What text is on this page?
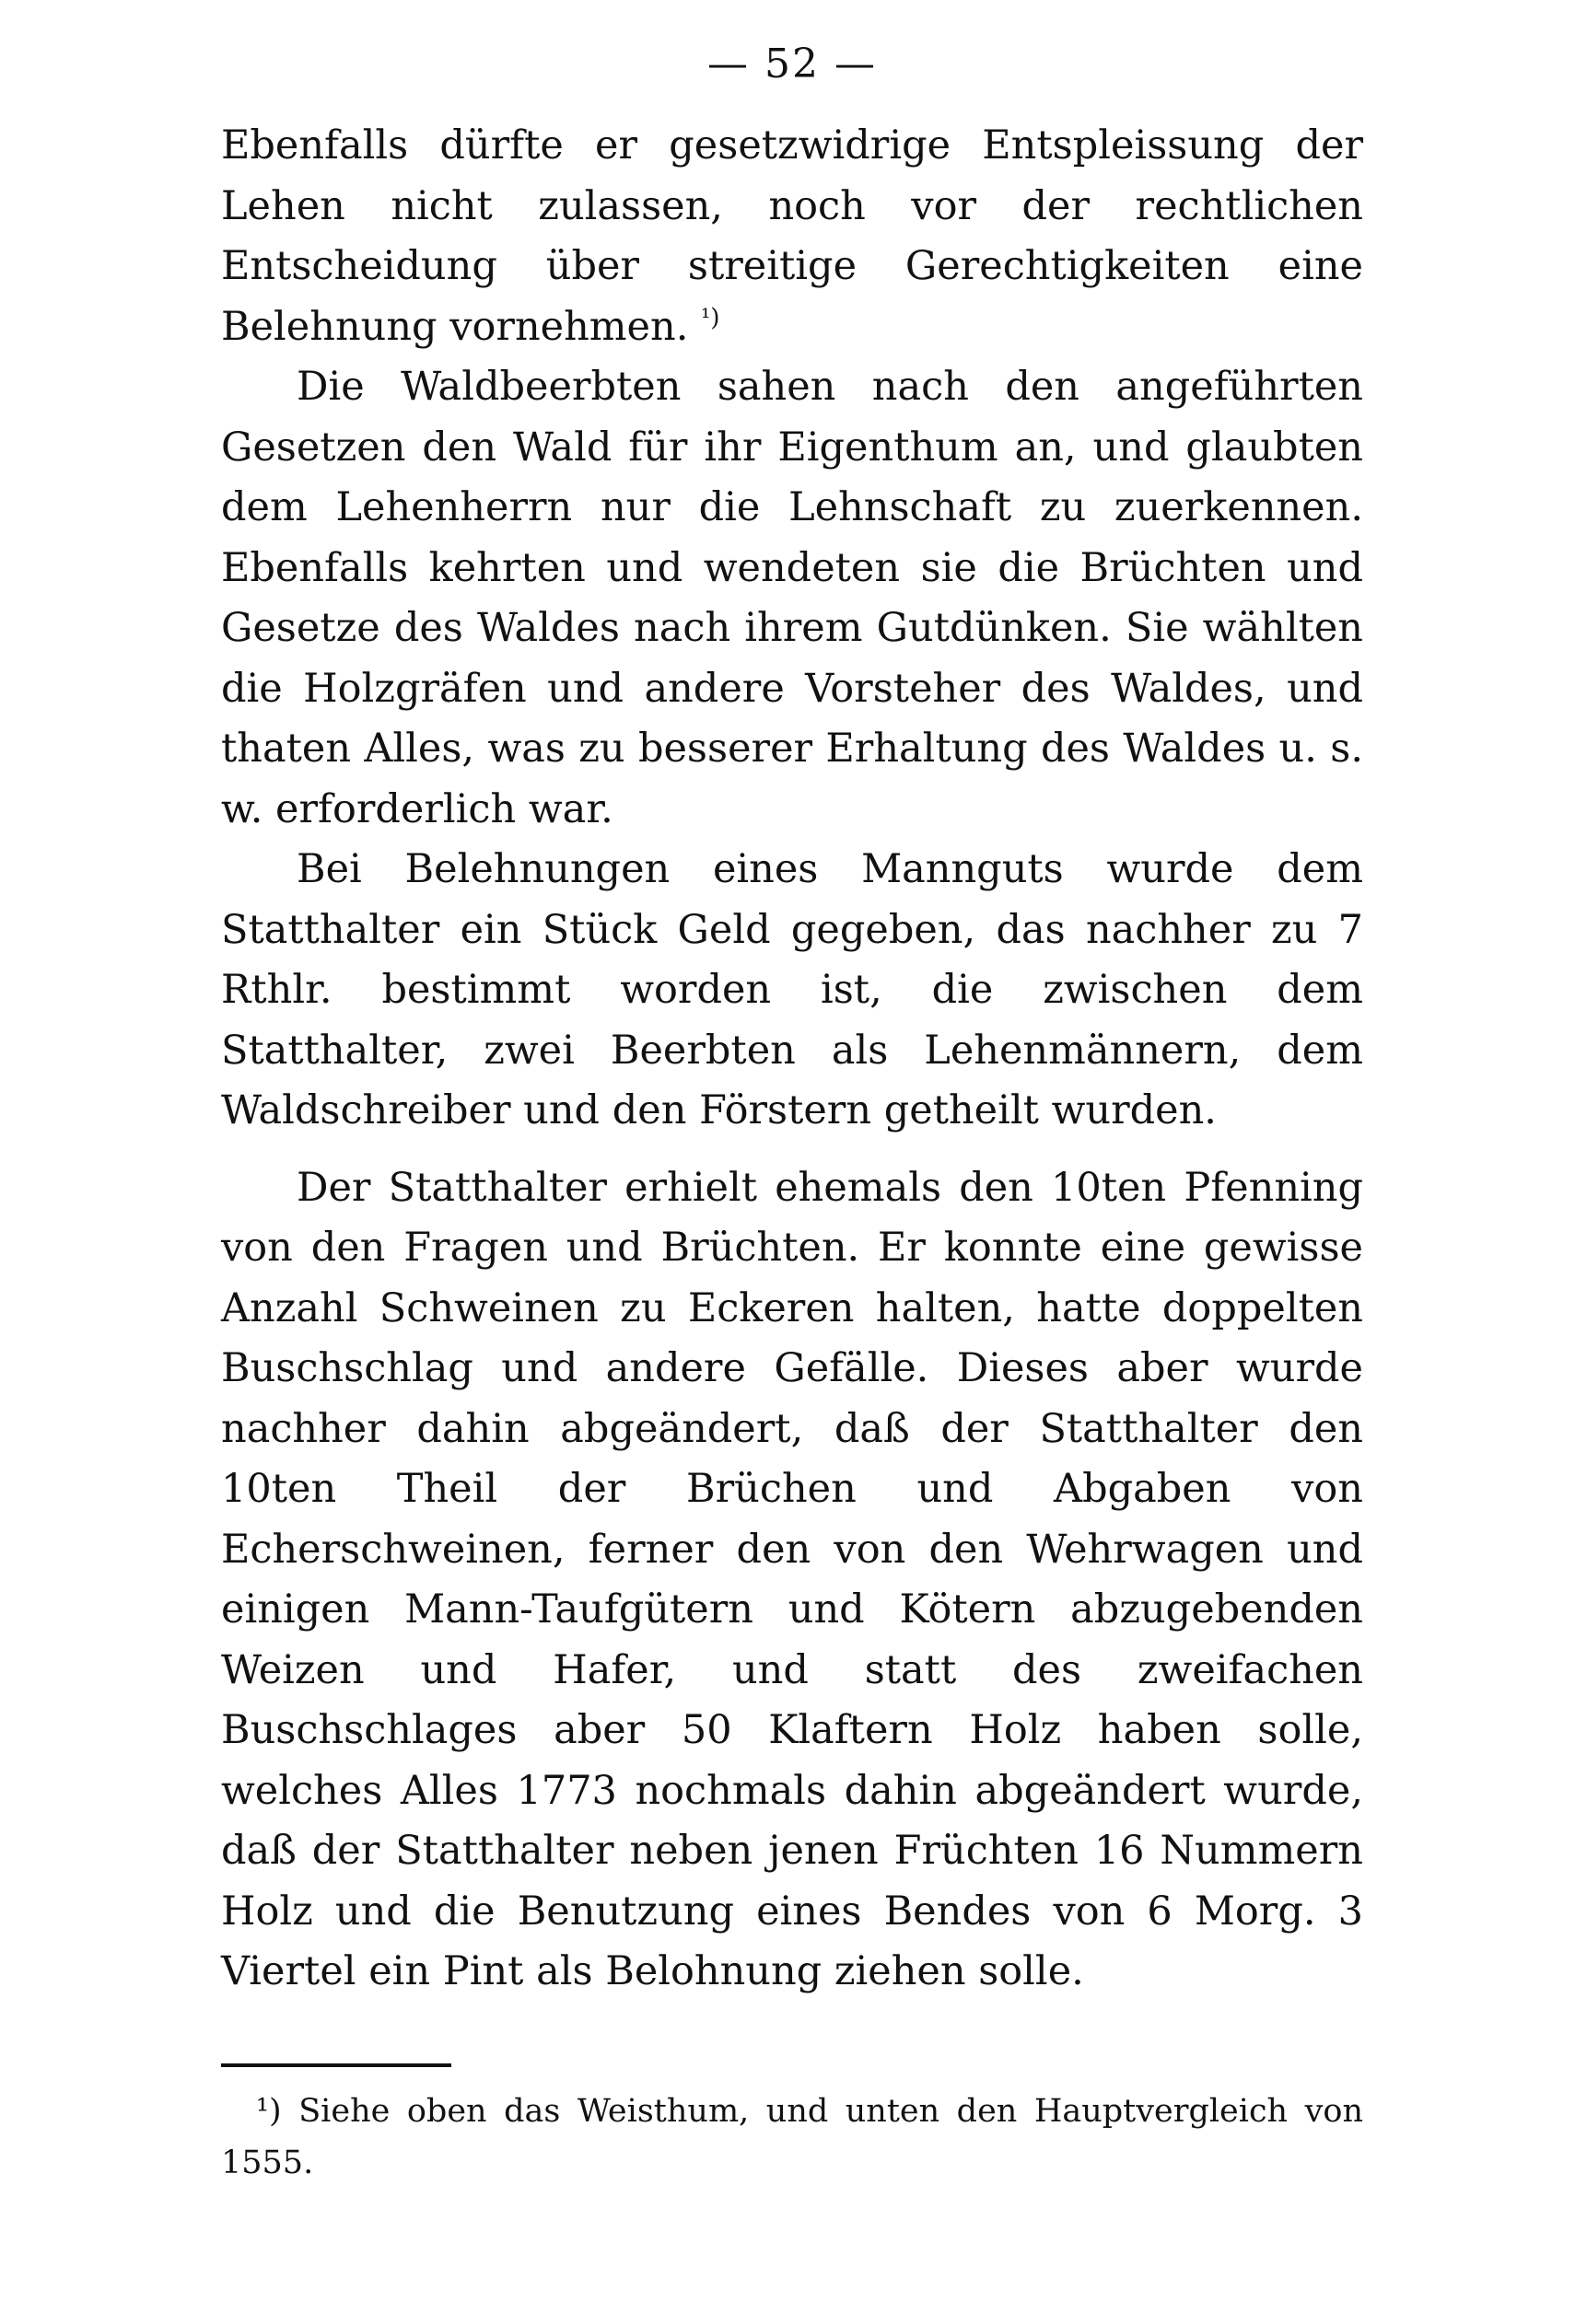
— 52 —

Ebenfalls dürfte er gesetzwidrige Entspleissung der Lehen nicht zulassen, noch vor der rechtlichen Entscheidung über streitige Gerechtigkeiten eine Belehnung vornehmen. $^{^1)}$

Die Waldbeerbten sahen nach den angeführten Gesetzen den Wald für ihr Eigenthum an, und glaubten dem Lehenherrn nur die Lehnschaft zu zuerkennen. Ebenfalls kehrten und wendeten sie die Brüchten und Gesetze des Waldes nach ihrem Gutdünken. Sie wählten die Holzgräfen und andere Vorsteher des Waldes, und thaten Alles, was zu besserer Erhaltung des Waldes u. s. w. erforderlich war.

Bei Belehnungen eines Mannguts wurde dem Statthalter ein Stück Geld gegeben, das nachher zu 7 Rthlr. bestimmt worden ist, die zwischen dem Statthalter, zwei Beerbten als Lehenmännern, dem Waldschreiber und den Förstern getheilt wurden.

Der Statthalter erhielt ehemals den 10ten Pfenning von den Fragen und Brüchten. Er konnte eine gewisse Anzahl Schweinen zu Eckeren halten, hatte doppelten Buschschlag und andere Gefälle. Dieses aber wurde nachher dahin abgeändert, daß der Statthalter den 10ten Theil der Brüchen und Abgaben von Echerschweinen, ferner den von den Wehrwagen und einigen Mann-Taufgütern und Kötern abzugebenden Weizen und Hafer, und statt des zweifachen Buschschlages aber 50 Klaftern Holz haben solle, welches Alles 1773 nochmals dahin abgeändert wurde, daß der Statthalter neben jenen Früchten 16 Nummern Holz und die Benutzung eines Bendes von 6 Morg. 3 Viertel ein Pint als Belohnung ziehen solle.

¹) Siehe oben das Weisthum, und unten den Hauptvergleich von 1555.
